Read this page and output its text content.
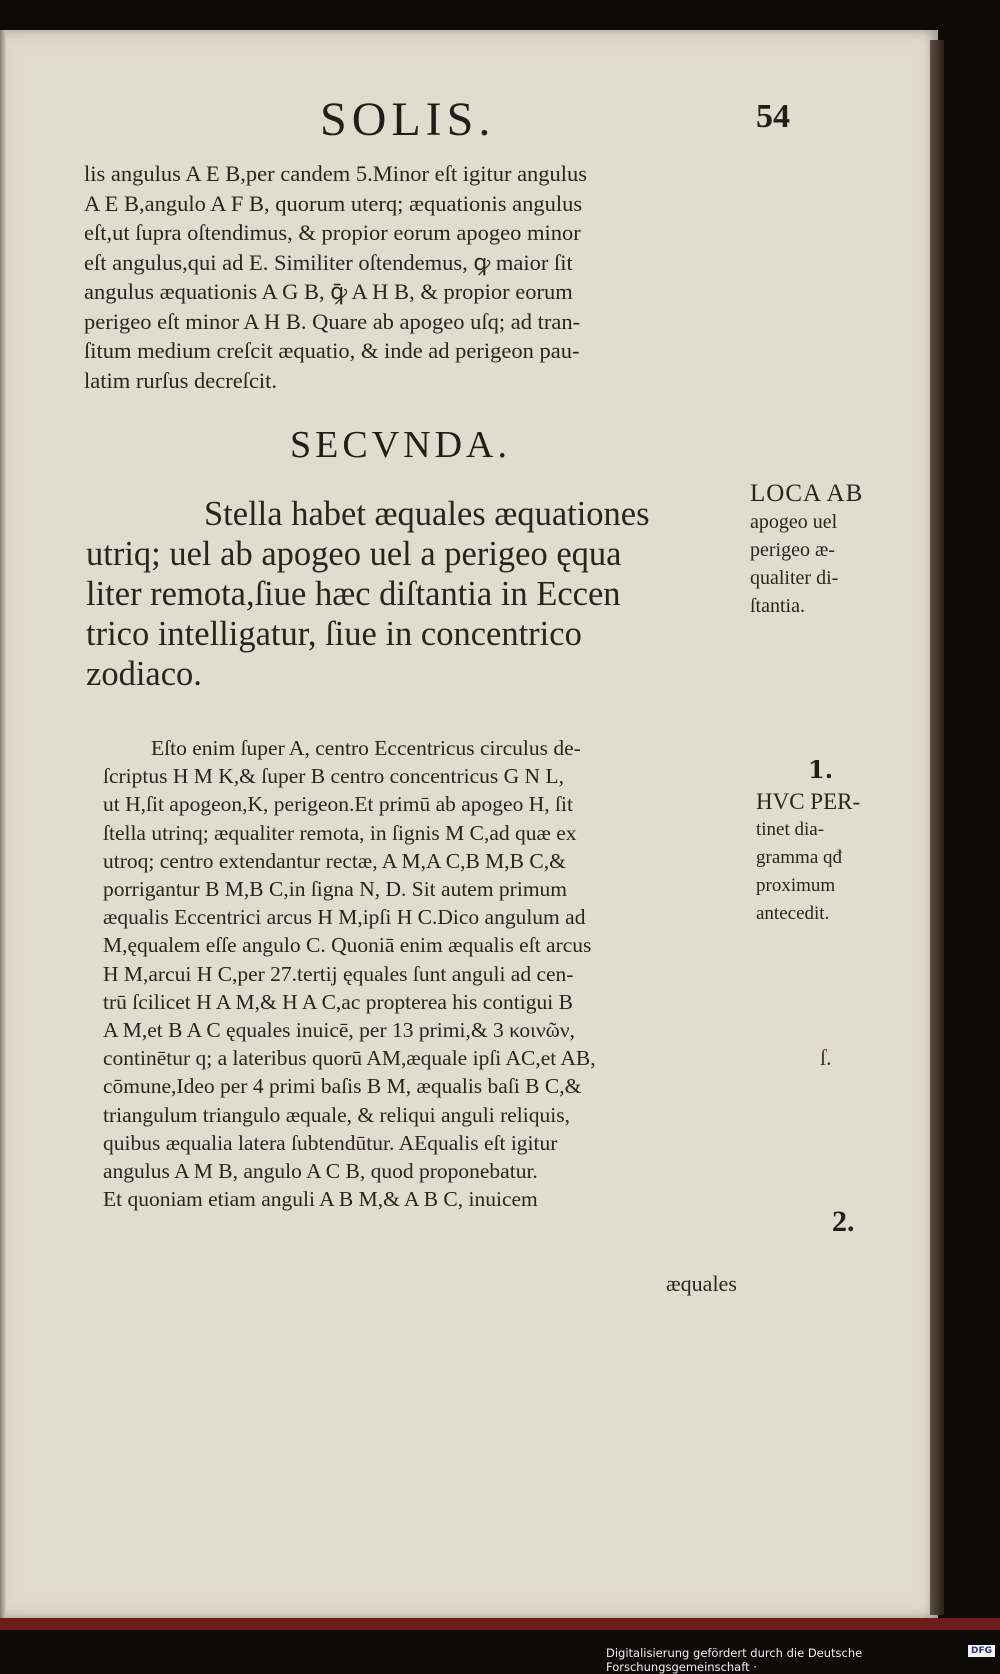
SOLIS.	54
lis angulus A E B,per candem 5.Minor eſt igitur angulus
A E B,angulo A F B, quorum uterq; æquationis angulus
eſt,ut ſupra oſtendimus, & propior eorum apogeo minor
eſt angulus,qui ad E. Similiter oſtendemus, ꝙ maior ſit
angulus æquationis A G B, ꝙ̄ A H B, & propior eorum
perigeo eſt minor A H B. Quare ab apogeo uſq; ad tran-
ſitum medium creſcit æquatio, & inde ad perigeon pau-
latim rurſus decreſcit.
SECVNDA.
Stella habet æquales æquationes
utriq; uel ab apogeo uel a perigeo ęqua
liter remota,ſiue hæc diſtantia in Eccen
trico intelligatur, ſiue in concentrico
zodiaco.
LOCA AB
apogeo uel
perigeo æ-
qualiter di-
ſtantia.
1.
HVC PER-
tinet dia-
gramma qđ
proximum
antecedit.
Eſto enim ſuper A, centro Eccentricus circulus de-
ſcriptus H M K,& ſuper B centro concentricus G N L,
ut H,ſit apogeon,K, perigeon.Et primū ab apogeo H, ſit
ſtella utrinq; æqualiter remota, in ſignis M C,ad quæ ex
utroq; centro extendantur rectæ, A M,A C,B M,B C,&
porrigantur B M,B C,in ſigna N, D. Sit autem primum
æqualis Eccentrici arcus H M,ipſi H C.Dico angulum ad
M,ęqualem eſſe angulo C. Quoniā enim æqualis eſt arcus
H M,arcui H C,per 27.tertij ęquales ſunt anguli ad cen-
trū ſcilicet H A M,& H A C,ac propterea his contigui B
A M,et B A C ęquales inuicē, per 13 primi,& 3 κοινῶν,
continētur q; a lateribus quorū AM,æquale ipſi AC,et AB,
cōmune,Ideo per 4 primi baſis B M, æqualis baſi B C,&
triangulum triangulo æquale, & reliqui anguli reliquis,
quibus æqualia latera ſubtendūtur. AEqualis eſt igitur
angulus A M B, angulo A C B, quod proponebatur.
Et quoniam etiam anguli A B M,& A B C, inuicem
ſ.
2.
æquales
Digitalisierung gefördert durch die Deutsche Forschungsgemeinschaft ·
DFG
